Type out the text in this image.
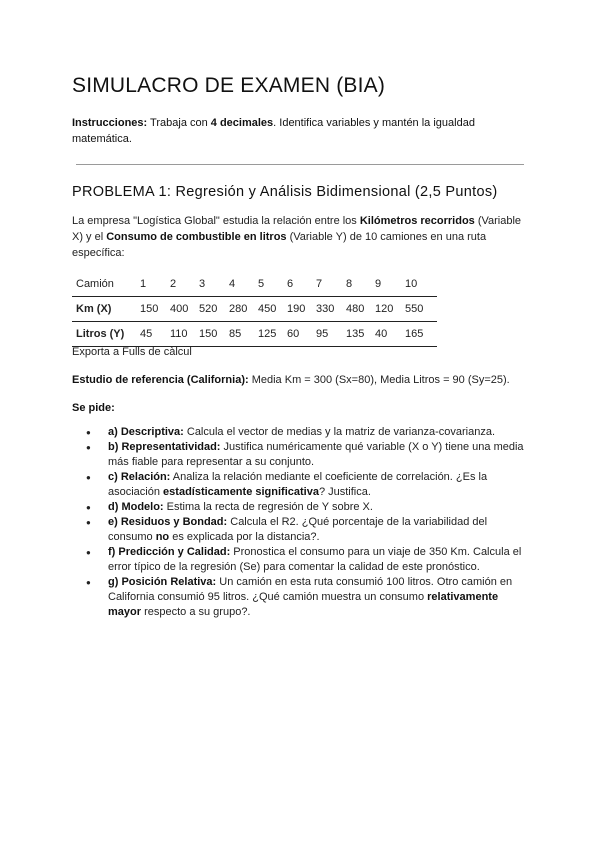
SIMULACRO DE EXAMEN (BIA)

Instrucciones: Trabaja con 4 decimales. Identifica variables y mantén la igualdad matemática.

PROBLEMA 1: Regresión y Análisis Bidimensional (2,5 Puntos)

La empresa "Logística Global" estudia la relación entre los Kilómetros recorridos (Variable X) y el Consumo de combustible en litros (Variable Y) de 10 camiones en una ruta específica:

Camión	1	2	3	4	5	6	7	8	9	10
Km (X)	150	400	520	280	450	190	330	480	120	550
Litros (Y)	45	110	150	85	125	60	95	135	40	165

Exporta a Fulls de càlcul

Estudio de referencia (California): Media Km = 300 (Sx=80), Media Litros = 90 (Sy=25).

Se pide:

● a) Descriptiva: Calcula el vector de medias y la matriz de varianza-covarianza.
● b) Representatividad: Justifica numéricamente qué variable (X o Y) tiene una media más fiable para representar a su conjunto.
● c) Relación: Analiza la relación mediante el coeficiente de correlación. ¿Es la asociación estadísticamente significativa? Justifica.
● d) Modelo: Estima la recta de regresión de Y sobre X.
● e) Residuos y Bondad: Calcula el R2. ¿Qué porcentaje de la variabilidad del consumo no es explicada por la distancia?.
● f) Predicción y Calidad: Pronostica el consumo para un viaje de 350 Km. Calcula el error típico de la regresión (Se) para comentar la calidad de este pronóstico.
● g) Posición Relativa: Un camión en esta ruta consumió 100 litros. Otro camión en California consumió 95 litros. ¿Qué camión muestra un consumo relativamente mayor respecto a su grupo?.
